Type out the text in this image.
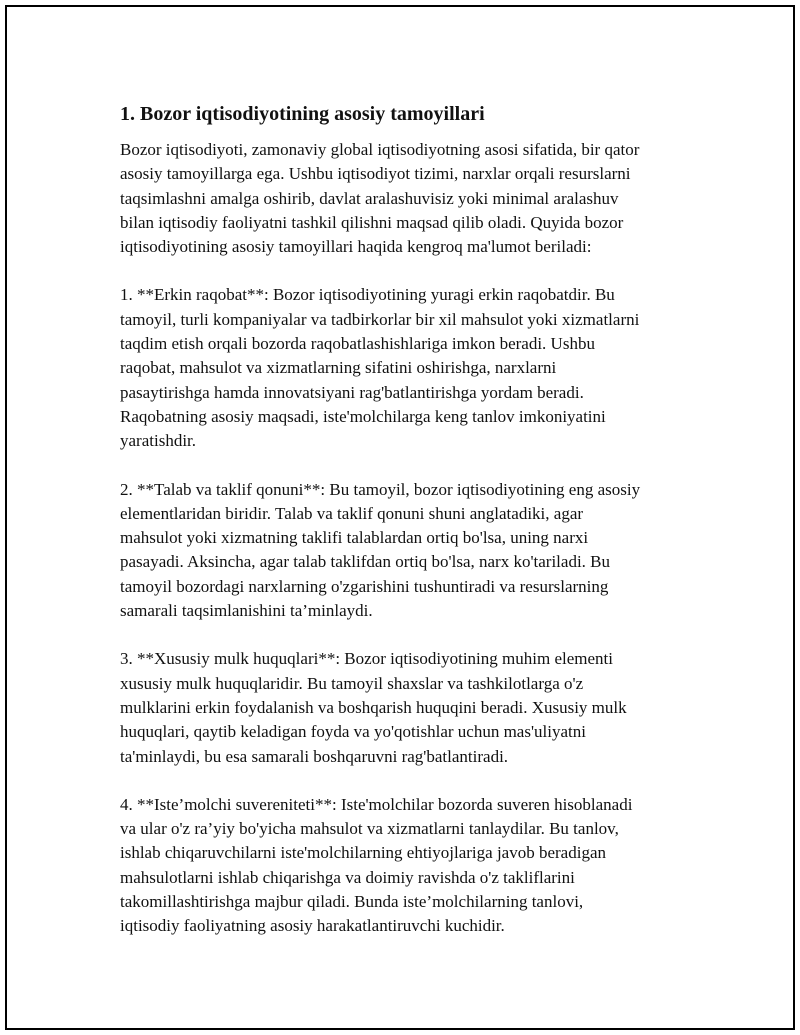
1. Bozor iqtisodiyotining asosiy tamoyillari

Bozor iqtisodiyoti, zamonaviy global iqtisodiyotning asosi sifatida, bir qator
asosiy tamoyillarga ega. Ushbu iqtisodiyot tizimi, narxlar orqali resurslarni
taqsimlashni amalga oshirib, davlat aralashuvisiz yoki minimal aralashuv
bilan iqtisodiy faoliyatni tashkil qilishni maqsad qilib oladi. Quyida bozor
iqtisodiyotining asosiy tamoyillari haqida kengroq ma'lumot beriladi:

1. **Erkin raqobat**: Bozor iqtisodiyotining yuragi erkin raqobatdir. Bu
tamoyil, turli kompaniyalar va tadbirkorlar bir xil mahsulot yoki xizmatlarni
taqdim etish orqali bozorda raqobatlashishlariga imkon beradi. Ushbu
raqobat, mahsulot va xizmatlarning sifatini oshirishga, narxlarni
pasaytirishga hamda innovatsiyani rag'batlantirishga yordam beradi.
Raqobatning asosiy maqsadi, iste'molchilarga keng tanlov imkoniyatini
yaratishdir.

2. **Talab va taklif qonuni**: Bu tamoyil, bozor iqtisodiyotining eng asosiy
elementlaridan biridir. Talab va taklif qonuni shuni anglatadiki, agar
mahsulot yoki xizmatning taklifi talablardan ortiq bo'lsa, uning narxi
pasayadi. Aksincha, agar talab taklifdan ortiq bo'lsa, narx ko'tariladi. Bu
tamoyil bozordagi narxlarning o'zgarishini tushuntiradi va resurslarning
samarali taqsimlanishini ta’minlaydi.

3. **Xususiy mulk huquqlari**: Bozor iqtisodiyotining muhim elementi
xususiy mulk huquqlaridir. Bu tamoyil shaxslar va tashkilotlarga o'z
mulklarini erkin foydalanish va boshqarish huquqini beradi. Xususiy mulk
huquqlari, qaytib keladigan foyda va yo'qotishlar uchun mas'uliyatni
ta'minlaydi, bu esa samarali boshqaruvni rag'batlantiradi.

4. **Iste’molchi suvereniteti**: Iste'molchilar bozorda suveren hisoblanadi
va ular o'z ra’yiy bo'yicha mahsulot va xizmatlarni tanlaydilar. Bu tanlov,
ishlab chiqaruvchilarni iste'molchilarning ehtiyojlariga javob beradigan
mahsulotlarni ishlab chiqarishga va doimiy ravishda o'z takliflarini
takomillashtirishga majbur qiladi. Bunda iste’molchilarning tanlovi,
iqtisodiy faoliyatning asosiy harakatlantiruvchi kuchidir.
